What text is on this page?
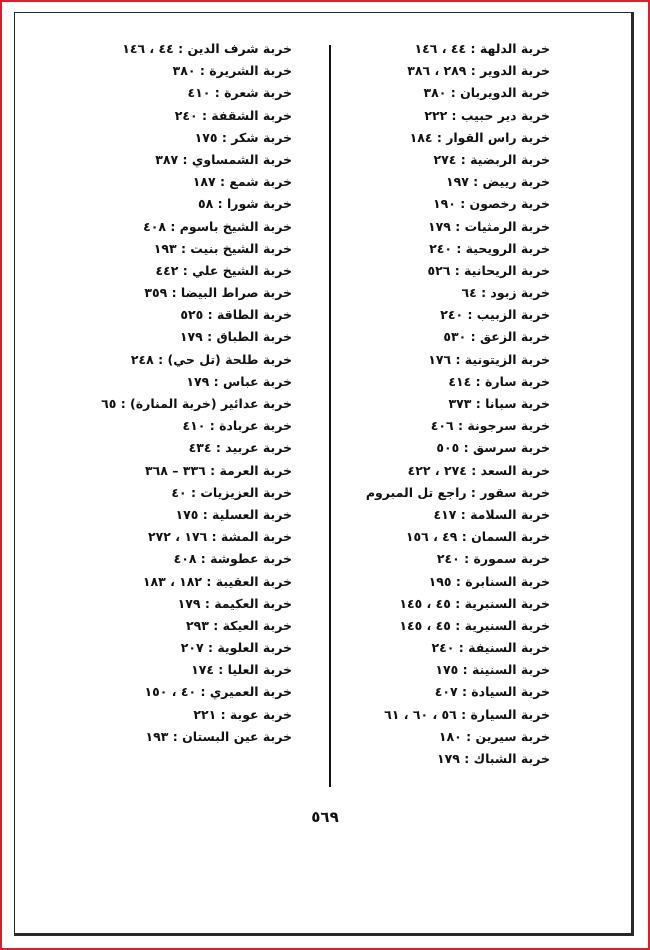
خربة الدلهة : ٤٤ ، ١٤٦
خربة الدوير : ٢٨٩ ، ٣٨٦
خربة الدويربان : ٣٨٠
خربة دير حبيب : ٢٢٢
خربة راس القوار : ١٨٤
خربة الربضية : ٢٧٤
خربة رييض : ١٩٧
خربة رخصون : ١٩٠
خربة الرمثيات : ١٧٩
خربة الرويحية : ٢٤٠
خربة الريحانية : ٥٢٦
خربة زبود : ٦٤
خربة الزبيب : ٢٤٠
خربة الزعق : ٥٣٠
خربة الزيتونية : ١٧٦
خربة سارة : ٤١٤
خربة سبانا : ٣٧٣
خربة سرجونة : ٤٠٦
خربة سرسق : ٥٠٥
خربة السعد : ٢٧٤ ، ٤٢٢
خربة سقور : راجع تل المبروم
خربة السلامة : ٤١٧
خربة السمان : ٤٩ ، ١٥٦
خربة سمورة : ٢٤٠
خربة السنابرة : ١٩٥
خربة السنبرية : ٤٥ ، ١٤٥
خربة السنيرية : ٤٥ ، ١٤٥
خربة السنيفة : ٢٤٠
خربة السنينة : ١٧٥
خربة السيادة : ٤٠٧
خربة السيارة : ٥٦ ، ٦٠ ، ٦١
خربة سيرين : ١٨٠
خربة الشباك : ١٧٩
خربة شرف الدين : ٤٤ ، ١٤٦
خربة الشريرة : ٣٨٠
خربة شعرة : ٤١٠
خربة الشقفة : ٢٤٠
خربة شكر : ١٧٥
خربة الشمساوي : ٣٨٧
خربة شمع : ١٨٧
خربة شورا : ٥٨
خربة الشيخ باسوم : ٤٠٨
خربة الشيخ بنيت : ١٩٣
خربة الشيخ علي : ٤٤٢
خربة صراط البيضا : ٣٥٩
خربة الطاقة : ٥٢٥
خربة الطباق : ١٧٩
خربة طلحة (تل حي) : ٢٤٨
خربة عباس : ١٧٩
خربة عدائير (خربة المنارة) : ٦٥
خربة عربادة : ٤١٠
خربة عربيد : ٤٣٤
خربة العرمة : ٣٣٦ – ٣٦٨
خربة العزيزيات : ٤٠
خربة العسلية : ١٧٥
خربة المشة : ١٧٦ ، ٢٧٢
خربة عطوشة : ٤٠٨
خربة العقيبة : ١٨٢ ، ١٨٣
خربة العكيمة : ١٧٩
خربة العيكة : ٢٩٣
خربة العلوية : ٢٠٧
خربة العليا : ١٧٤
خربة العميري : ٤٠ ، ١٥٠
خربة عوبة : ٢٢١
خربة عين البستان : ١٩٣
٥٦٩
